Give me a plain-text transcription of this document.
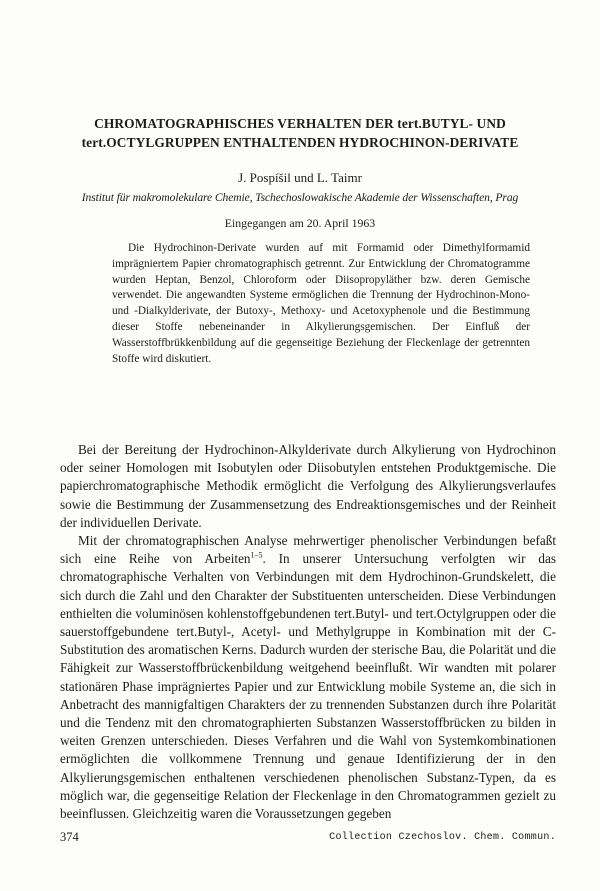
CHROMATOGRAPHISCHES VERHALTEN DER tert.BUTYL- UND
tert.OCTYLGRUPPEN ENTHALTENDEN HYDROCHINON-DERIVATE
J. Pospíšil und L. Taimr
Institut für makromolekulare Chemie, Tschechoslowakische Akademie der Wissenschaften, Prag
Eingegangen am 20. April 1963

Die Hydrochinon-Derivate wurden auf mit Formamid oder Dimethylformamid imprägniertem Papier chromatographisch getrennt. Zur Entwicklung der Chromatogramme wurden Heptan, Benzol, Chloroform oder Diisopropyläther bzw. deren Gemische verwendet. Die angewandten Systeme ermöglichen die Trennung der Hydrochinon-Mono- und -Dialkylderivate, der Butoxy-, Methoxy- und Acetoxyphenole und die Bestimmung dieser Stoffe nebeneinander in Alkylierungsgemischen. Der Einfluß der Wasserstoffbrükkenbildung auf die gegenseitige Beziehung der Fleckenlage der getrennten Stoffe wird diskutiert.

Bei der Bereitung der Hydrochinon-Alkylderivate durch Alkylierung von Hydrochinon oder seiner Homologen mit Isobutylen oder Diisobutylen entstehen Produktgemische. Die papierchromatographische Methodik ermöglicht die Verfolgung des Alkylierungsverlaufes sowie die Bestimmung der Zusammensetzung des Endreaktionsgemisches und der Reinheit der individuellen Derivate.

Mit der chromatographischen Analyse mehrwertiger phenolischer Verbindungen befaßt sich eine Reihe von Arbeiten$^{1-5}$. In unserer Untersuchung verfolgten wir das chromatographische Verhalten von Verbindungen mit dem Hydrochinon-Grundskelett, die sich durch die Zahl und den Charakter der Substituenten unterscheiden. Diese Verbindungen enthielten die voluminösen kohlenstoffgebundenen tert.Butyl- und tert.Octylgruppen oder die sauerstoffgebundene tert.Butyl-, Acetyl- und Methylgruppe in Kombination mit der C-Substitution des aromatischen Kerns. Dadurch wurden der sterische Bau, die Polarität und die Fähigkeit zur Wasserstoffbrückenbildung weitgehend beeinflußt. Wir wandten mit polarer stationären Phase imprägniertes Papier und zur Entwicklung mobile Systeme an, die sich in Anbetracht des mannigfaltigen Charakters der zu trennenden Substanzen durch ihre Polarität und die Tendenz mit den chromatographierten Substanzen Wasserstoffbrücken zu bilden in weiten Grenzen unterschieden. Dieses Verfahren und die Wahl von Systemkombinationen ermöglichten die vollkommene Trennung und genaue Identifizierung der in den Alkylierungsgemischen enthaltenen verschiedenen phenolischen Substanz-Typen, da es möglich war, die gegenseitige Relation der Fleckenlage in den Chromatogrammen gezielt zu beeinflussen. Gleichzeitig waren die Voraussetzungen gegeben

374	Collection Czechoslov. Chem. Commun.
